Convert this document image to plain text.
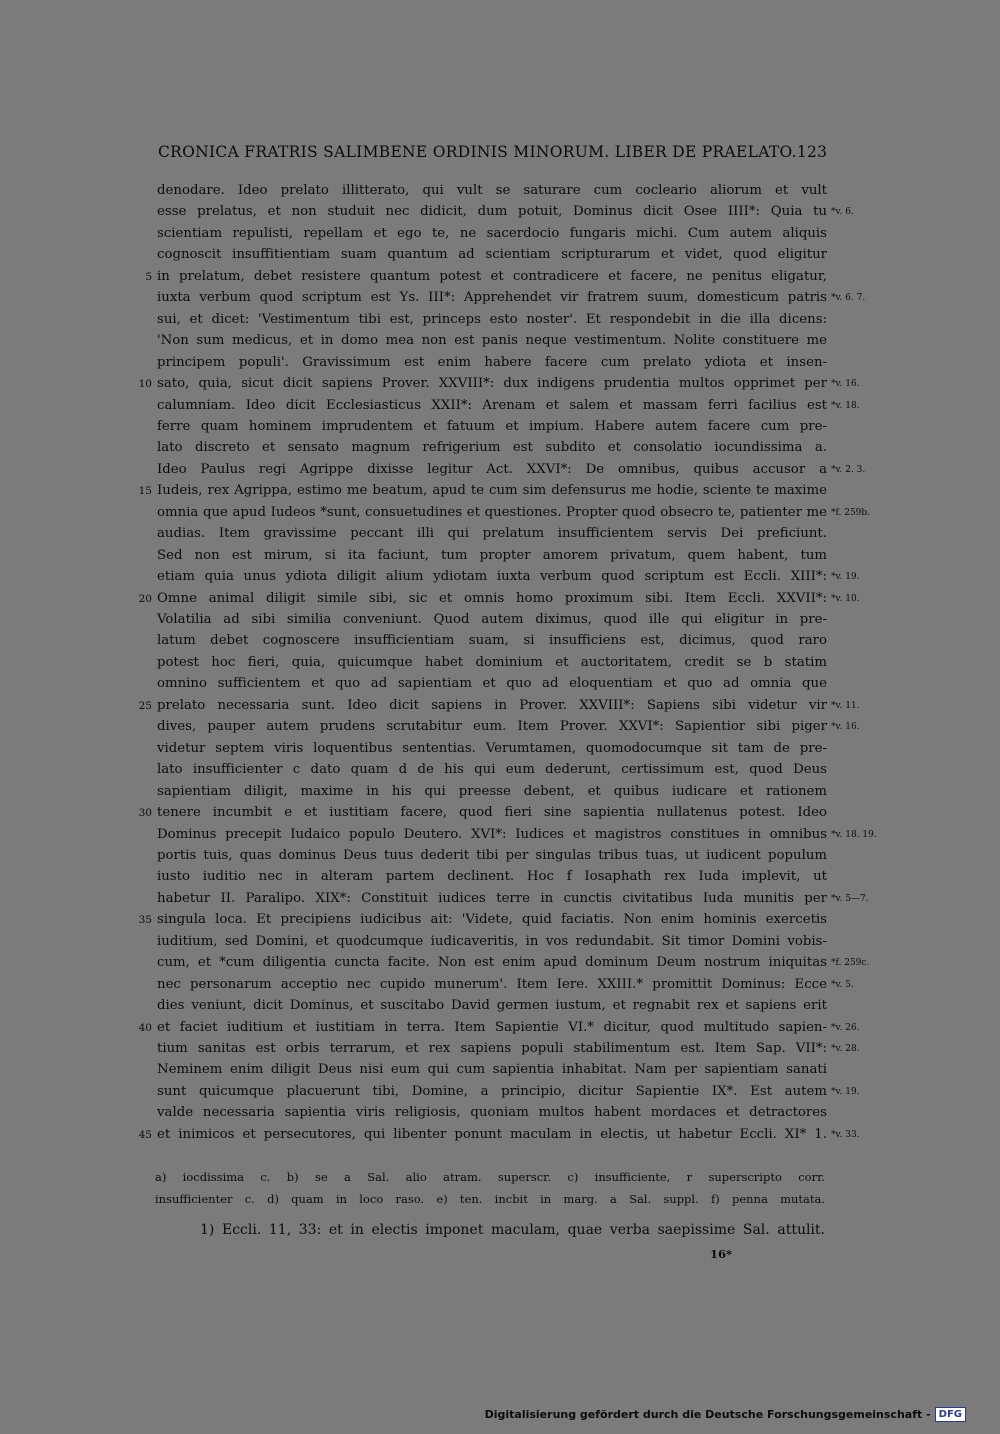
CRONICA FRATRIS SALIMBENE ORDINIS MINORUM. LIBER DE PRAELATO. 123
denodare. Ideo prelato illitterato, qui vult se saturare cum cocleario aliorum et vult
esse prelatus, et non studuit nec didicit, dum potuit, Dominus dicit Osee IIII*: Quia tu *v. 6.
scientiam repulisti, repellam et ego te, ne sacerdocio fungaris michi. Cum autem aliquis
cognoscit insuffitientiam suam quantum ad scientiam scripturarum et videt, quod eligitur
in prelatum, debet resistere quantum potest et contradicere et facere, ne penitus eligatur,
5
iuxta verbum quod scriptum est Ys. III*: Apprehendet vir fratrem suum, domesticum patris *v. 6. 7.
sui, et dicet: 'Vestimentum tibi est, princeps esto noster'. Et respondebit in die illa dicens:
'Non sum medicus, et in domo mea non est panis neque vestimentum. Nolite constituere me
principem populi'. Gravissimum est enim habere facere cum prelato ydiota et insen-
sato, quia, sicut dicit sapiens Prover. XXVIII*: dux indigens prudentia multos opprimet per
10	*v. 16.
calumniam. Ideo dicit Ecclesiasticus XXII*: Arenam et salem et massam ferri facilius est *v. 18.
ferre quam hominem imprudentem et fatuum et impium. Habere autem facere cum pre-
lato discreto et sensato magnum refrigerium est subdito et consolatio iocundissima a.
Ideo Paulus regi Agrippe dixisse legitur Act. XXVI*: De omnibus, quibus accusor a *v. 2. 3.
Iudeis, rex Agrippa, estimo me beatum, apud te cum sim defensurus me hodie, sciente te maxime
15
omnia que apud Iudeos *sunt, consuetudines et questiones. Propter quod obsecro te, patienter me *f. 259b.
audias. Item gravissime peccant illi qui prelatum insufficientem servis Dei preficiunt.
Sed non est mirum, si ita faciunt, tum propter amorem privatum, quem habent, tum
etiam quia unus ydiota diligit alium ydiotam iuxta verbum quod scriptum est Eccli. XIII*: *v. 19.
Omne animal diligit simile sibi, sic et omnis homo proximum sibi. Item Eccli. XXVII*:
20	*v. 10.
Volatilia ad sibi similia conveniunt. Quod autem diximus, quod ille qui eligitur in pre-
latum debet cognoscere insufficientiam suam, si insufficiens est, dicimus, quod raro
potest hoc fieri, quia, quicumque habet dominium et auctoritatem, credit se b statim
omnino sufficientem et quo ad sapientiam et quo ad eloquentiam et quo ad omnia que
prelato necessaria sunt. Ideo dicit sapiens in Prover. XXVIII*: Sapiens sibi videtur vir
25	*v. 11.
dives, pauper autem prudens scrutabitur eum. Item Prover. XXVI*: Sapientior sibi piger *v. 16.
videtur septem viris loquentibus sententias. Verumtamen, quomodocumque sit tam de pre-
lato insufficienter c dato quam d de his qui eum dederunt, certissimum est, quod Deus
sapientiam diligit, maxime in his qui preesse debent, et quibus iudicare et rationem
tenere incumbit e et iustitiam facere, quod fieri sine sapientia nullatenus potest. Ideo
30
Dominus precepit Iudaico populo Deutero. XVI*: Iudices et magistros constitues in omnibus *v. 18. 19.
portis tuis, quas dominus Deus tuus dederit tibi per singulas tribus tuas, ut iudicent populum
iusto iuditio nec in alteram partem declinent. Hoc f Iosaphath rex Iuda implevit, ut
habetur II. Paralipo. XIX*: Constituit iudices terre in cunctis civitatibus Iuda munitis per *v. 5—7.
singula loca. Et precipiens iudicibus ait: 'Videte, quid faciatis. Non enim hominis exercetis
35
iuditium, sed Domini, et quodcumque iudicaveritis, in vos redundabit. Sit timor Domini vobis-
cum, et *cum diligentia cuncta facite. Non est enim apud dominum Deum nostrum iniquitas *f. 259c.
nec personarum acceptio nec cupido munerum'. Item Iere. XXIII.* promittit Dominus: Ecce *v. 5.
dies veniunt, dicit Dominus, et suscitabo David germen iustum, et regnabit rex et sapiens erit
et faciet iuditium et iustitiam in terra. Item Sapientie VI.* dicitur, quod multitudo sapien-
40	*v. 26.
tium sanitas est orbis terrarum, et rex sapiens populi stabilimentum est. Item Sap. VII*: *v. 28.
Neminem enim diligit Deus nisi eum qui cum sapientia inhabitat. Nam per sapientiam sanati
sunt quicumque placuerunt tibi, Domine, a principio, dicitur Sapientie IX*. Est autem *v. 19.
valde necessaria sapientia viris religiosis, quoniam multos habent mordaces et detractores
et inimicos et persecutores, qui libenter ponunt maculam in electis, ut habetur Eccli. XI* 1.
45	*v. 33.
a) iocdissima c. b) se a Sal. alio atram. superscr. c) insufficiente, r superscripto corr.
insufficienter c. d) quam in loco raso. e) ten. incbit in marg. a Sal. suppl. f) penna mutata.
1) Eccli. 11, 33: et in electis imponet maculam, quae verba saepissime Sal. attulit.
16*
Digitalisierung gefördert durch die Deutsche Forschungsgemeinschaft - DFG
